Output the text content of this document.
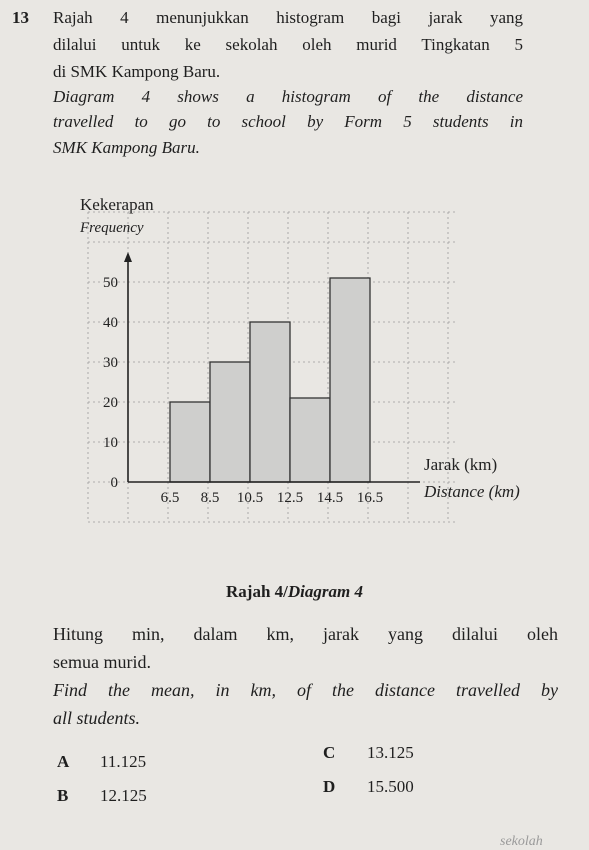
13 Rajah 4 menunjukkan histogram bagi jarak yang
dilalui untuk ke sekolah oleh murid Tingkatan 5
di SMK Kampong Baru.
Diagram 4 shows a histogram of the distance
travelled to go to school by Form 5 students in
SMK Kampong Baru.
0
10
20
30
40
50
6.5 8.5 10.5 12.5 14.5 16.5
Kekerapan
Frequency
Jarak (km)
Distance (km)
Rajah 4/Diagram 4
Hitung min, dalam km, jarak yang dilalui oleh
semua murid.
Find the mean, in km, of the distance travelled by
all students.
A 11.125
B 12.125
C 13.125
D 15.500
sekolah
